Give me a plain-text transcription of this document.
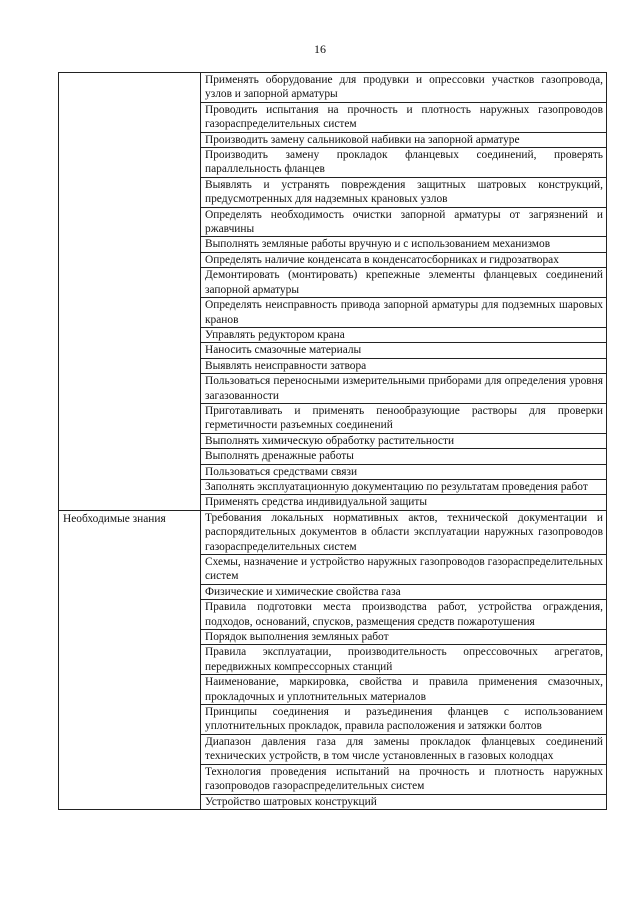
16
	Применять оборудование для продувки и опрессовки участков газопровода, узлов и запорной арматуры
	Проводить испытания на прочность и плотность наружных газопроводов газораспределительных систем
	Производить замену сальниковой набивки на запорной арматуре
	Производить замену прокладок фланцевых соединений, проверять параллельность фланцев
	Выявлять и устранять повреждения защитных шатровых конструкций, предусмотренных для надземных крановых узлов
	Определять необходимость очистки запорной арматуры от загрязнений и ржавчины
	Выполнять земляные работы вручную и с использованием механизмов
	Определять наличие конденсата в конденсатосборниках и гидрозатворах
	Демонтировать (монтировать) крепежные элементы фланцевых соединений запорной арматуры
	Определять неисправность привода запорной арматуры для подземных шаровых кранов
	Управлять редуктором крана
	Наносить смазочные материалы
	Выявлять неисправности затвора
	Пользоваться переносными измерительными приборами для определения уровня загазованности
	Приготавливать и применять пенообразующие растворы для проверки герметичности разъемных соединений
	Выполнять химическую обработку растительности
	Выполнять дренажные работы
	Пользоваться средствами связи
	Заполнять эксплуатационную документацию по результатам проведения работ
	Применять средства индивидуальной защиты
Необходимые знания	Требования локальных нормативных актов, технической документации и распорядительных документов в области эксплуатации наружных газопроводов газораспределительных систем
	Схемы, назначение и устройство наружных газопроводов газораспределительных систем
	Физические и химические свойства газа
	Правила подготовки места производства работ, устройства ограждения, подходов, оснований, спусков, размещения средств пожаротушения
	Порядок выполнения земляных работ
	Правила эксплуатации, производительность опрессовочных агрегатов, передвижных компрессорных станций
	Наименование, маркировка, свойства и правила применения смазочных, прокладочных и уплотнительных материалов
	Принципы соединения и разъединения фланцев с использованием уплотнительных прокладок, правила расположения и затяжки болтов
	Диапазон давления газа для замены прокладок фланцевых соединений технических устройств, в том числе установленных в газовых колодцах
	Технология проведения испытаний на прочность и плотность наружных газопроводов газораспределительных систем
	Устройство шатровых конструкций
